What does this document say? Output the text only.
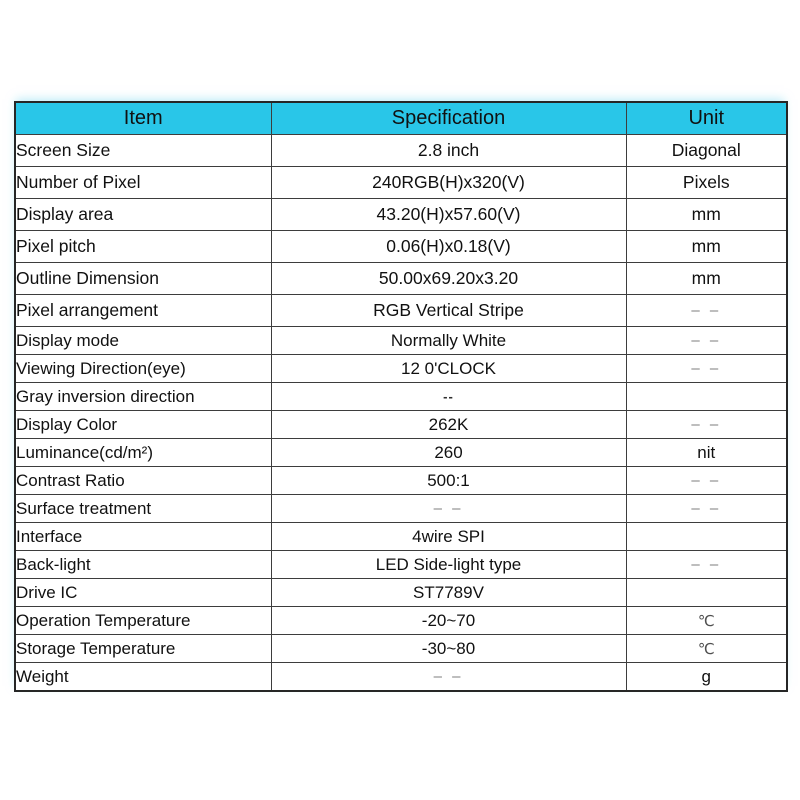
Item	Specification	Unit
Screen Size	2.8 inch	Diagonal
Number of Pixel	240RGB(H)x320(V)	Pixels
Display area	43.20(H)x57.60(V)	mm
Pixel pitch	0.06(H)x0.18(V)	mm
Outline Dimension	50.00x69.20x3.20	mm
Pixel arrangement	RGB Vertical Stripe	– –
Display mode	Normally White	– –
Viewing Direction(eye)	12 0'CLOCK	– –
Gray inversion direction	--	
Display Color	262K	– –
Luminance(cd/m²)	260	nit
Contrast Ratio	500:1	– –
Surface treatment	– –	– –
Interface	4wire SPI	
Back-light	LED Side-light type	– –
Drive IC	ST7789V	
Operation Temperature	-20~70	℃
Storage Temperature	-30~80	℃
Weight	– –	g
